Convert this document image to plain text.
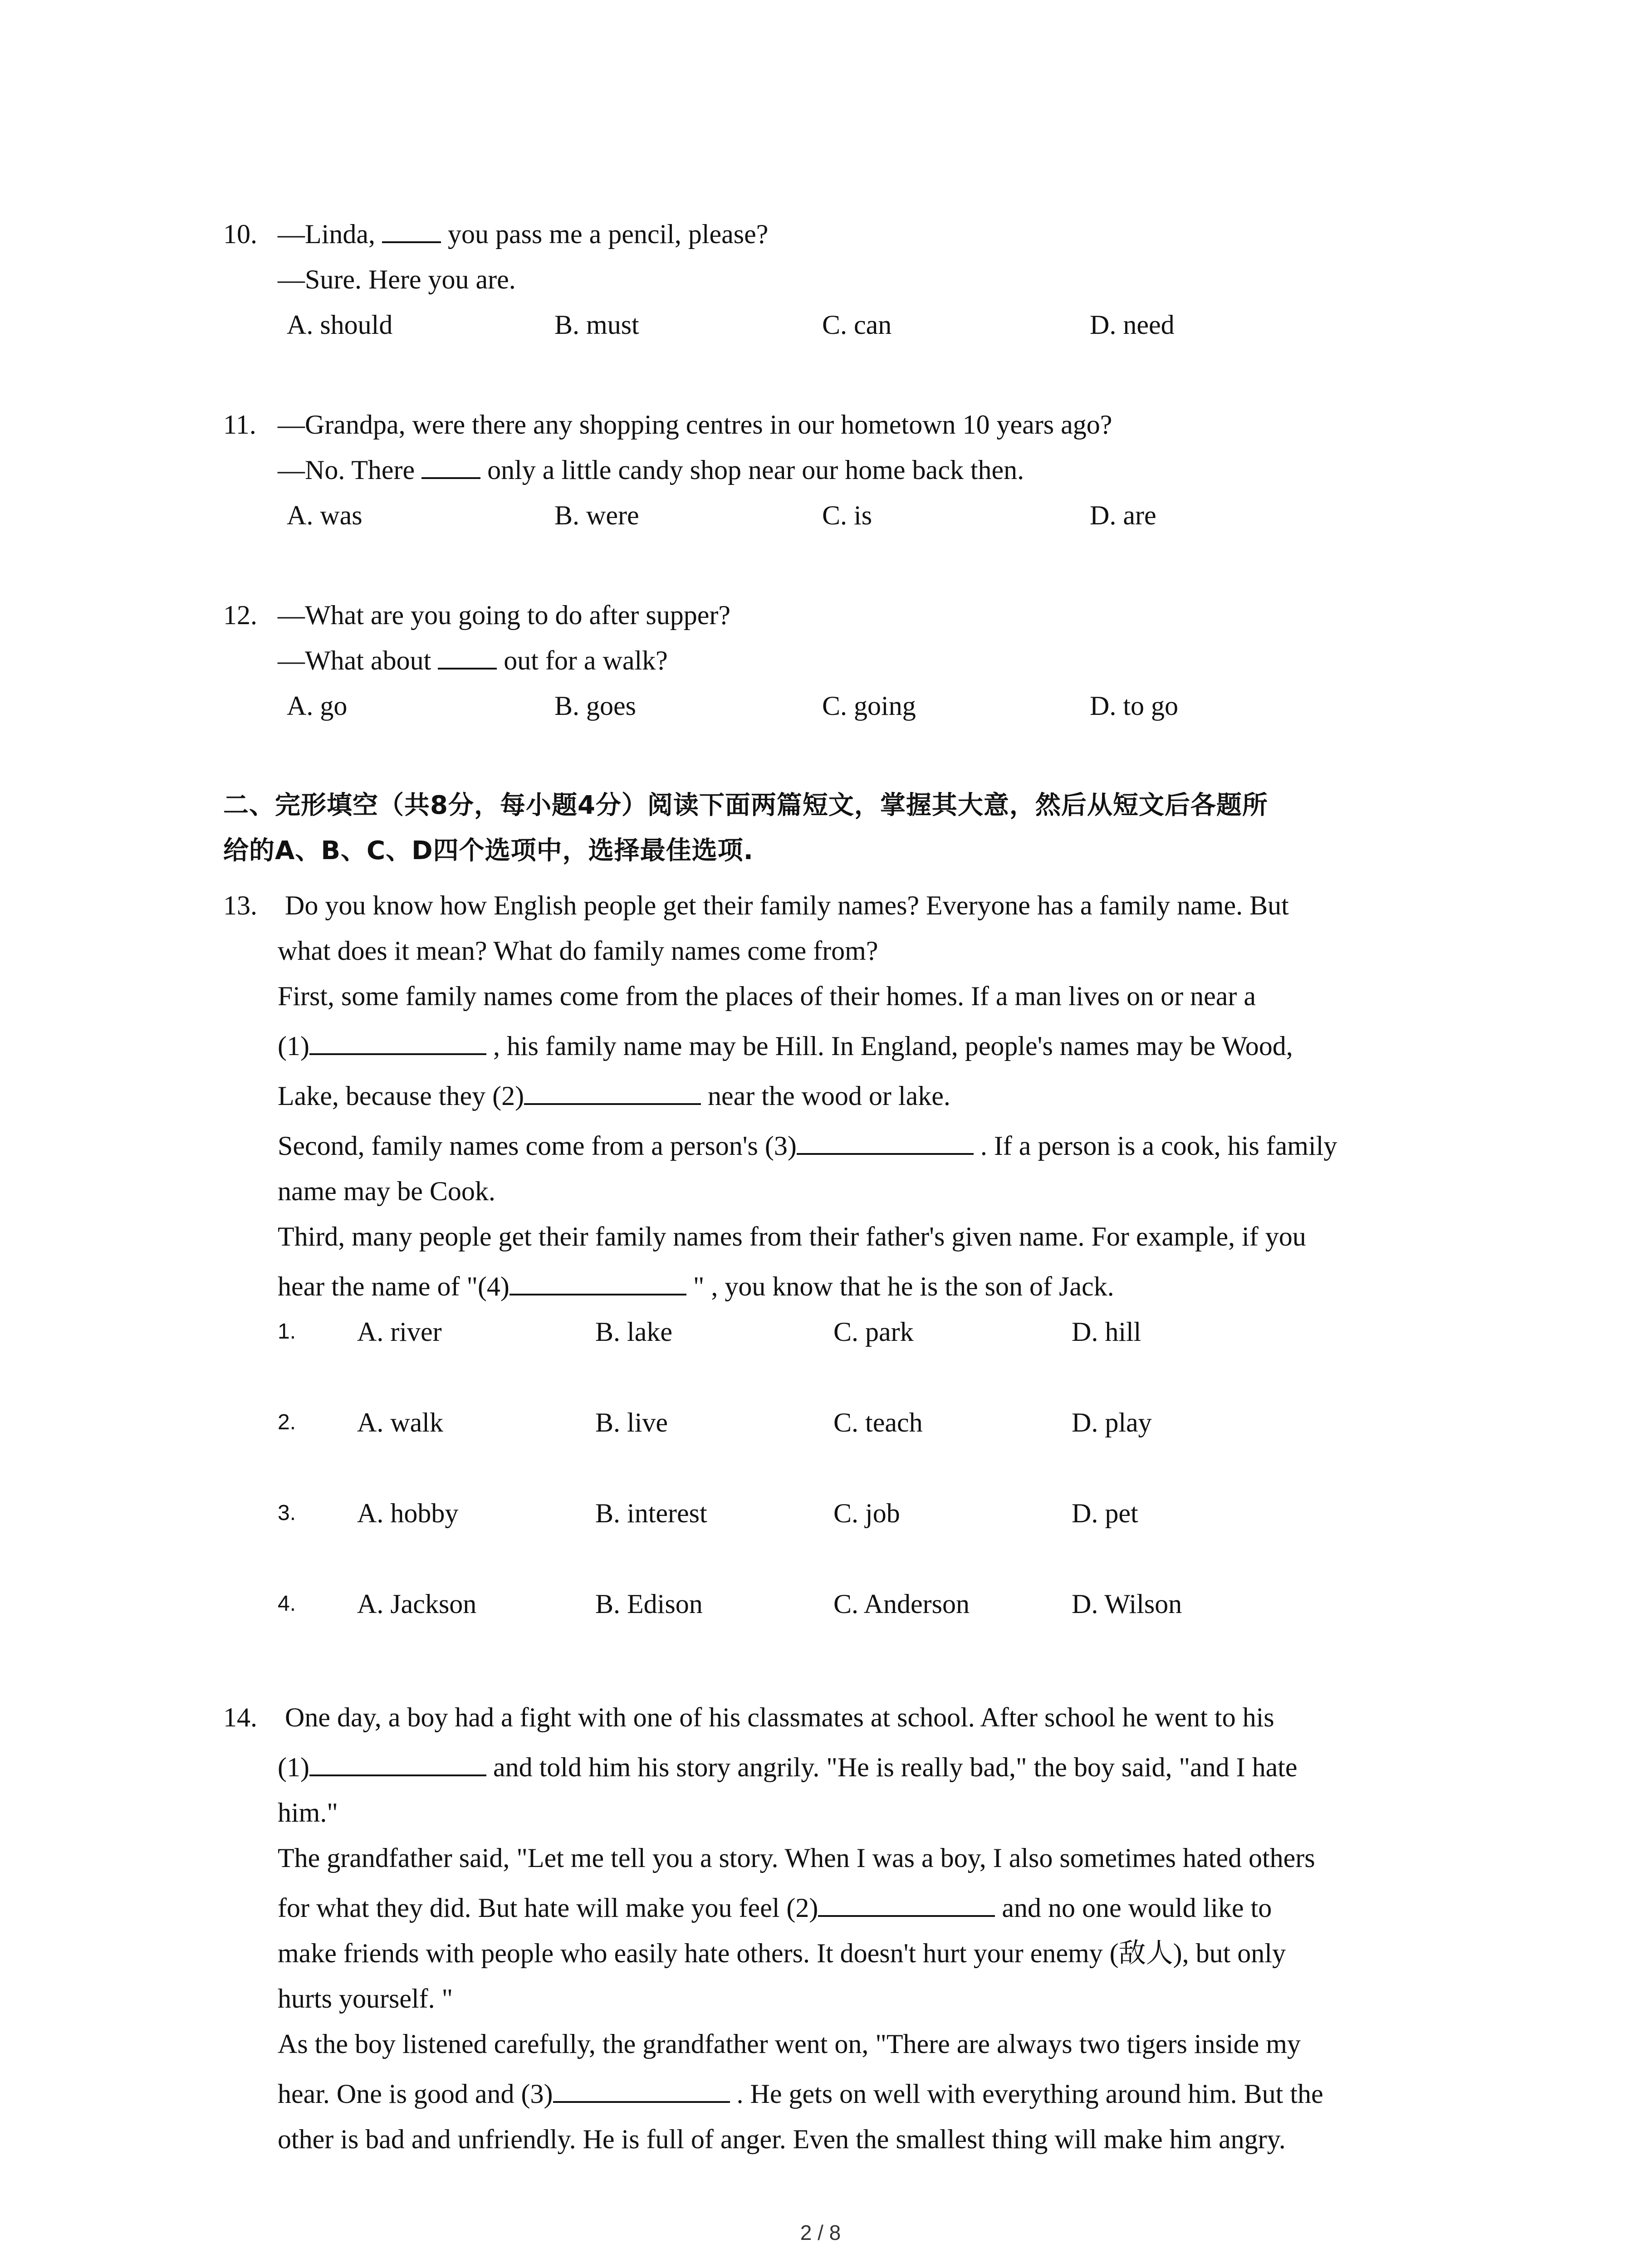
10. —Linda,  you pass me a pencil, please?
—Sure. Here you are.
A. should	B. must	C. can	D. need
11. —Grandpa, were there any shopping centres in our hometown 10 years ago?
—No. There  only a little candy shop near our home back then.
A. was	B. were	C. is	D. are
12. —What are you going to do after supper?
—What about  out for a walk?
A. go	B. goes	C. going	D. to go
二、完形填空（共8分，每小题4分）阅读下面两篇短文，掌握其大意，然后从短文后各题所
给的A、B、C、D四个选项中，选择最佳选项.
13. Do you know how English people get their family names? Everyone has a family name. But
what does it mean? What do family names come from?
First, some family names come from the places of their homes. If a man lives on or near a
(1)	, his family name may be Hill. In England, people's names may be Wood,
Lake, because they (2)	near the wood or lake.
Second, family names come from a person's (3)	. If a person is a cook, his family
name may be Cook.
Third, many people get their family names from their father's given name. For example, if you
hear the name of "(4)	" , you know that he is the son of Jack.
1. A. river	B. lake	C. park	D. hill
2. A. walk	B. live	C. teach	D. play
3. A. hobby	B. interest	C. job	D. pet
4. A. Jackson	B. Edison	C. Anderson	D. Wilson
14. One day, a boy had a fight with one of his classmates at school. After school he went to his
(1)	and told him his story angrily. "He is really bad," the boy said, "and I hate
him."
The grandfather said, "Let me tell you a story. When I was a boy, I also sometimes hated others
for what they did. But hate will make you feel (2)	and no one would like to
make friends with people who easily hate others. It doesn't hurt your enemy (敌人), but only
hurts yourself. "
As the boy listened carefully, the grandfather went on, "There are always two tigers inside my
hear. One is good and (3)	. He gets on well with everything around him. But the
other is bad and unfriendly. He is full of anger. Even the smallest thing will make him angry.
2 / 8
